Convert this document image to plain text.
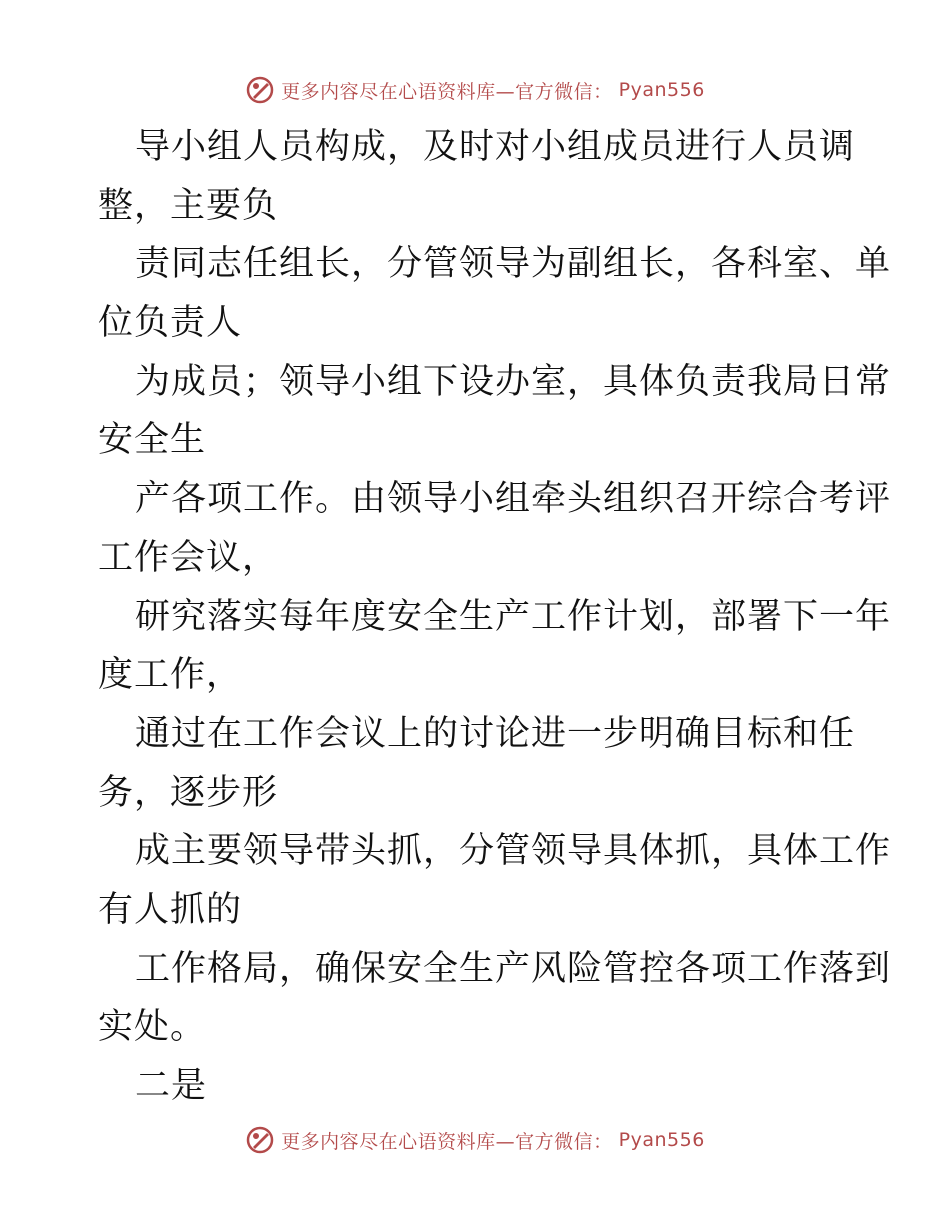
更多内容尽在心语资料库—官方微信： Pyan556
导小组人员构成，及时对小组成员进行人员调
整，主要负
责同志任组长，分管领导为副组长，各科室、单
位负责人
为成员；领导小组下设办室，具体负责我局日常
安全生
产各项工作。由领导小组牵头组织召开综合考评
工作会议，
研究落实每年度安全生产工作计划，部署下一年
度工作，
通过在工作会议上的讨论进一步明确目标和任
务，逐步形
成主要领导带头抓，分管领导具体抓，具体工作
有人抓的
工作格局，确保安全生产风险管控各项工作落到
实处。
二是
更多内容尽在心语资料库—官方微信： Pyan556
